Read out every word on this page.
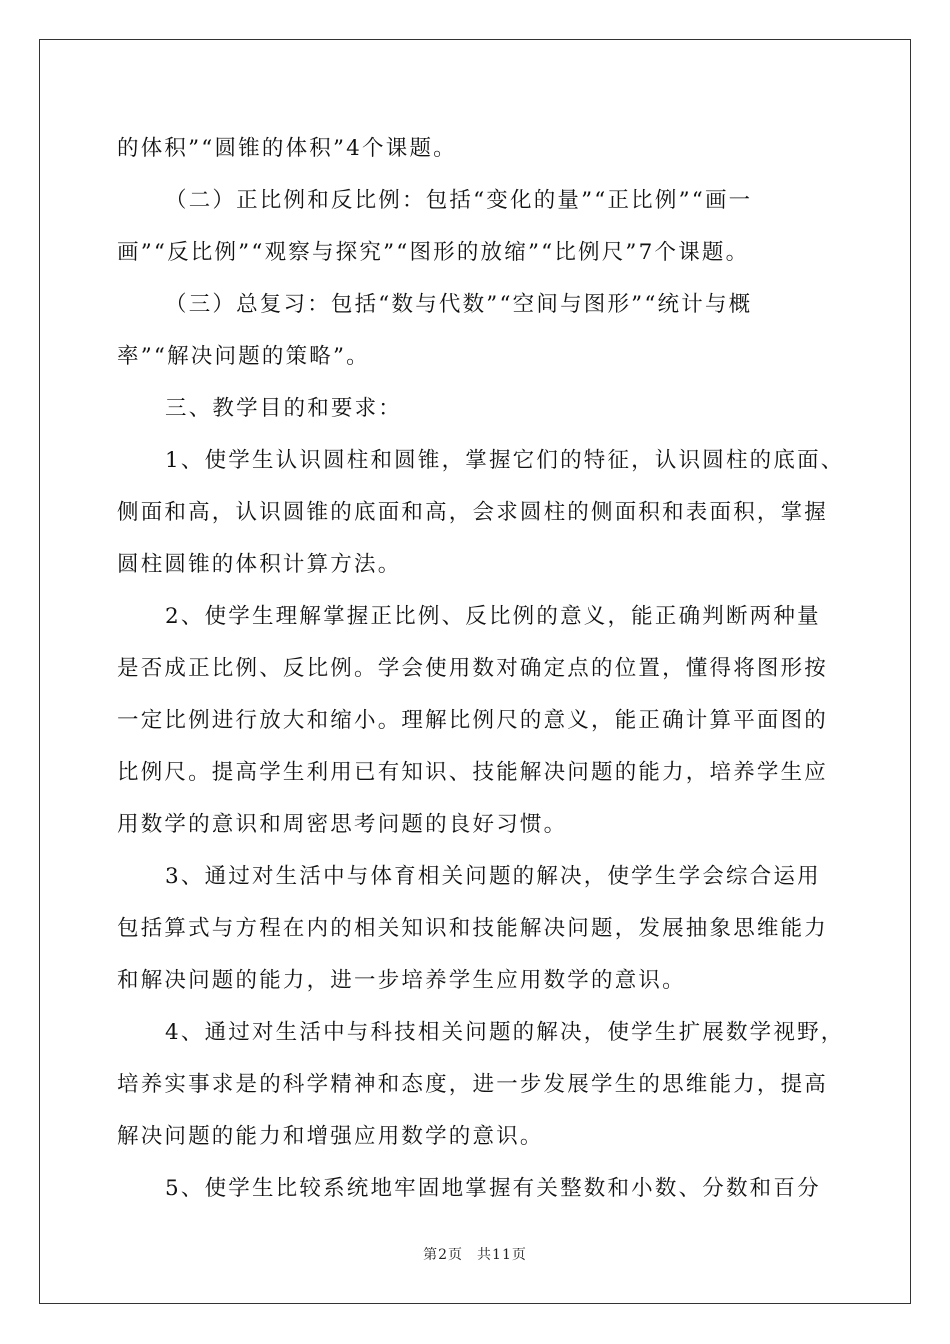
的体积”“圆锥的体积”4个课题。
（二）正比例和反比例：包括“变化的量”“正比例”“画一
画”“反比例”“观察与探究”“图形的放缩”“比例尺”7个课题。
（三）总复习：包括“数与代数”“空间与图形”“统计与概
率”“解决问题的策略”。
三、教学目的和要求：
1、使学生认识圆柱和圆锥，掌握它们的特征，认识圆柱的底面、
侧面和高，认识圆锥的底面和高，会求圆柱的侧面积和表面积，掌握
圆柱圆锥的体积计算方法。
2、使学生理解掌握正比例、反比例的意义，能正确判断两种量
是否成正比例、反比例。学会使用数对确定点的位置，懂得将图形按
一定比例进行放大和缩小。理解比例尺的意义，能正确计算平面图的
比例尺。提高学生利用已有知识、技能解决问题的能力，培养学生应
用数学的意识和周密思考问题的良好习惯。
3、通过对生活中与体育相关问题的解决，使学生学会综合运用
包括算式与方程在内的相关知识和技能解决问题，发展抽象思维能力
和解决问题的能力，进一步培养学生应用数学的意识。
4、通过对生活中与科技相关问题的解决，使学生扩展数学视野，
培养实事求是的科学精神和态度，进一步发展学生的思维能力，提高
解决问题的能力和增强应用数学的意识。
5、使学生比较系统地牢固地掌握有关整数和小数、分数和百分
第2页 共11页
